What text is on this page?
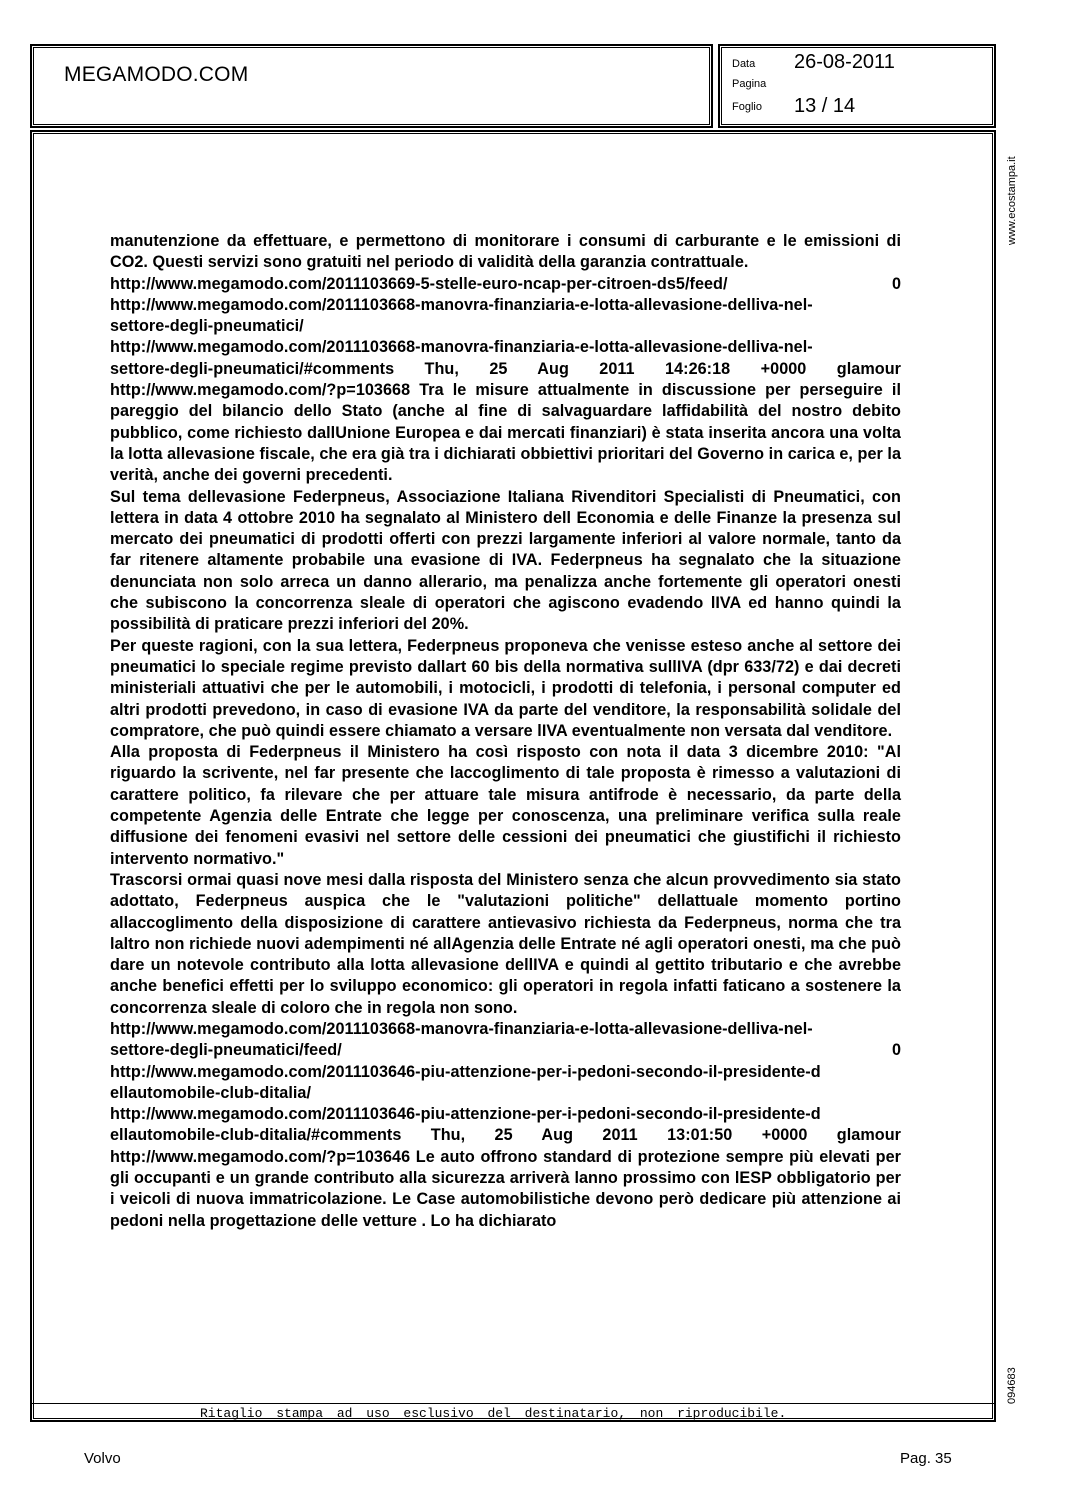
MEGAMODO.COM	Data 26-08-2011
Pagina
Foglio 13 / 14
www.ecostampa.it
094683

manutenzione da effettuare, e permettono di monitorare i consumi di carburante e le emissioni di CO2. Questi servizi sono gratuiti nel periodo di validità della garanzia contrattuale.

http://www.megamodo.com/2011103669-5-stelle-euro-ncap-per-citroen-ds5/feed/	0
http://www.megamodo.com/2011103668-manovra-finanziaria-e-lotta-allevasione-delliva-nel-
settore-degli-pneumatici/
http://www.megamodo.com/2011103668-manovra-finanziaria-e-lotta-allevasione-delliva-nel-

settore-degli-pneumatici/#comments Thu, 25 Aug 2011 14:26:18 +0000 glamour http://www.megamodo.com/?p=103668 Tra le misure attualmente in discussione per perseguire il pareggio del bilancio dello Stato (anche al fine di salvaguardare laffidabilità del nostro debito pubblico, come richiesto dallUnione Europea e dai mercati finanziari) è stata inserita ancora una volta la lotta allevasione fiscale, che era già tra i dichiarati obbiettivi prioritari del Governo in carica e, per la verità, anche dei governi precedenti.

Sul tema dellevasione Federpneus, Associazione Italiana Rivenditori Specialisti di Pneumatici, con lettera in data 4 ottobre 2010 ha segnalato al Ministero dell Economia e delle Finanze la presenza sul mercato dei pneumatici di prodotti offerti con prezzi largamente inferiori al valore normale, tanto da far ritenere altamente probabile una evasione di IVA. Federpneus ha segnalato che la situazione denunciata non solo arreca un danno allerario, ma penalizza anche fortemente gli operatori onesti che subiscono la concorrenza sleale di operatori che agiscono evadendo lIVA ed hanno quindi la possibilità di praticare prezzi inferiori del 20%.

Per queste ragioni, con la sua lettera, Federpneus proponeva che venisse esteso anche al settore dei pneumatici lo speciale regime previsto dallart 60 bis della normativa sullIVA (dpr 633/72) e dai decreti ministeriali attuativi che per le automobili, i motocicli, i prodotti di telefonia, i personal computer ed altri prodotti prevedono, in caso di evasione IVA da parte del venditore, la responsabilità solidale del compratore, che può quindi essere chiamato a versare lIVA eventualmente non versata dal venditore.

Alla proposta di Federpneus il Ministero ha così risposto con nota il data 3 dicembre 2010: "Al riguardo la scrivente, nel far presente che laccoglimento di tale proposta è rimesso a valutazioni di carattere politico, fa rilevare che per attuare tale misura antifrode è necessario, da parte della competente Agenzia delle Entrate che legge per conoscenza, una preliminare verifica sulla reale diffusione dei fenomeni evasivi nel settore delle cessioni dei pneumatici che giustifichi il richiesto intervento normativo."

Trascorsi ormai quasi nove mesi dalla risposta del Ministero senza che alcun provvedimento sia stato adottato, Federpneus auspica che le "valutazioni politiche" dellattuale momento portino allaccoglimento della disposizione di carattere antievasivo richiesta da Federpneus, norma che tra laltro non richiede nuovi adempimenti né allAgenzia delle Entrate né agli operatori onesti, ma che può dare un notevole contributo alla lotta allevasione dellIVA e quindi al gettito tributario e che avrebbe anche benefici effetti per lo sviluppo economico: gli operatori in regola infatti faticano a sostenere la concorrenza sleale di coloro che in regola non sono.

http://www.megamodo.com/2011103668-manovra-finanziaria-e-lotta-allevasione-delliva-nel-
settore-degli-pneumatici/feed/	0
http://www.megamodo.com/2011103646-piu-attenzione-per-i-pedoni-secondo-il-presidente-d
ellautomobile-club-ditalia/
http://www.megamodo.com/2011103646-piu-attenzione-per-i-pedoni-secondo-il-presidente-d

ellautomobile-club-ditalia/#comments Thu, 25 Aug 2011 13:01:50 +0000 glamour http://www.megamodo.com/?p=103646 Le auto offrono standard di protezione sempre più elevati per gli occupanti e un grande contributo alla sicurezza arriverà lanno prossimo con lESP obbligatorio per i veicoli di nuova immatricolazione. Le Case automobilistiche devono però dedicare più attenzione ai pedoni nella progettazione delle vetture . Lo ha dichiarato

Ritaglio stampa ad uso esclusivo del destinatario, non riproducibile.
Volvo	Pag. 35
